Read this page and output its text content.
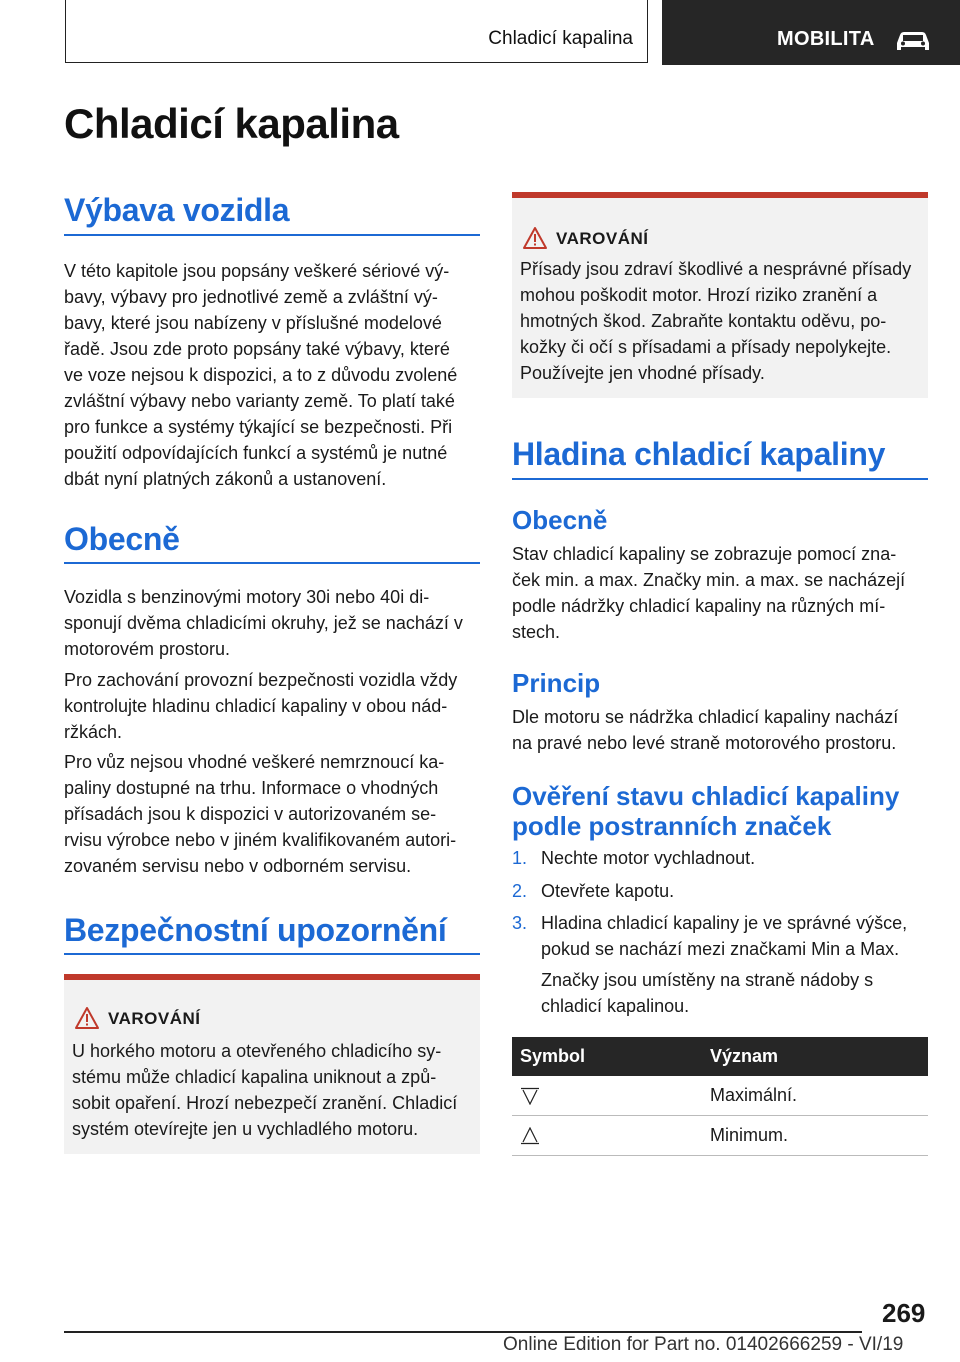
Chladicí kapalina	MOBILITA
Chladicí kapalina
Výbava vozidla
V této kapitole jsou popsány veškeré sériové vý-
bavy, výbavy pro jednotlivé země a zvláštní vý-
bavy, které jsou nabízeny v příslušné modelové
řadě. Jsou zde proto popsány také výbavy, které
ve voze nejsou k dispozici, a to z důvodu zvolené
zvláštní výbavy nebo varianty země. To platí také
pro funkce a systémy týkající se bezpečnosti. Při
použití odpovídajících funkcí a systémů je nutné
dbát nyní platných zákonů a ustanovení.
Obecně
Vozidla s benzinovými motory 30i nebo 40i di-
sponují dvěma chladicími okruhy, jež se nachází v
motorovém prostoru.
Pro zachování provozní bezpečnosti vozidla vždy
kontrolujte hladinu chladicí kapaliny v obou nád-
ržkách.
Pro vůz nejsou vhodné veškeré nemrznoucí ka-
paliny dostupné na trhu. Informace o vhodných
přísadách jsou k dispozici v autorizovaném se-
rvisu výrobce nebo v jiném kvalifikovaném autori-
zovaném servisu nebo v odborném servisu.
Bezpečnostní upozornění
VAROVÁNÍ
U horkého motoru a otevřeného chladicího sy-
stému může chladicí kapalina uniknout a způ-
sobit opaření. Hrozí nebezpečí zranění. Chladicí
systém otevírejte jen u vychladlého motoru.
VAROVÁNÍ
Přísady jsou zdraví škodlivé a nesprávné přísady
mohou poškodit motor. Hrozí riziko zranění a
hmotných škod. Zabraňte kontaktu oděvu, po-
kožky či očí s přísadami a přísady nepolykejte.
Používejte jen vhodné přísady.
Hladina chladicí kapaliny
Obecně
Stav chladicí kapaliny se zobrazuje pomocí zna-
ček min. a max. Značky min. a max. se nacházejí
podle nádržky chladicí kapaliny na různých mí-
stech.
Princip
Dle motoru se nádržka chladicí kapaliny nachází
na pravé nebo levé straně motorového prostoru.
Ověření stavu chladicí kapaliny
podle postranních značek
1. Nechte motor vychladnout.
2. Otevřete kapotu.
3. Hladina chladicí kapaliny je ve správné výšce,
pokud se nachází mezi značkami Min a Max.
Značky jsou umístěny na straně nádoby s
chladicí kapalinou.
Symbol	Význam
Maximální.
Minimum.
269
Online Edition for Part no. 01402666259 - VI/19
